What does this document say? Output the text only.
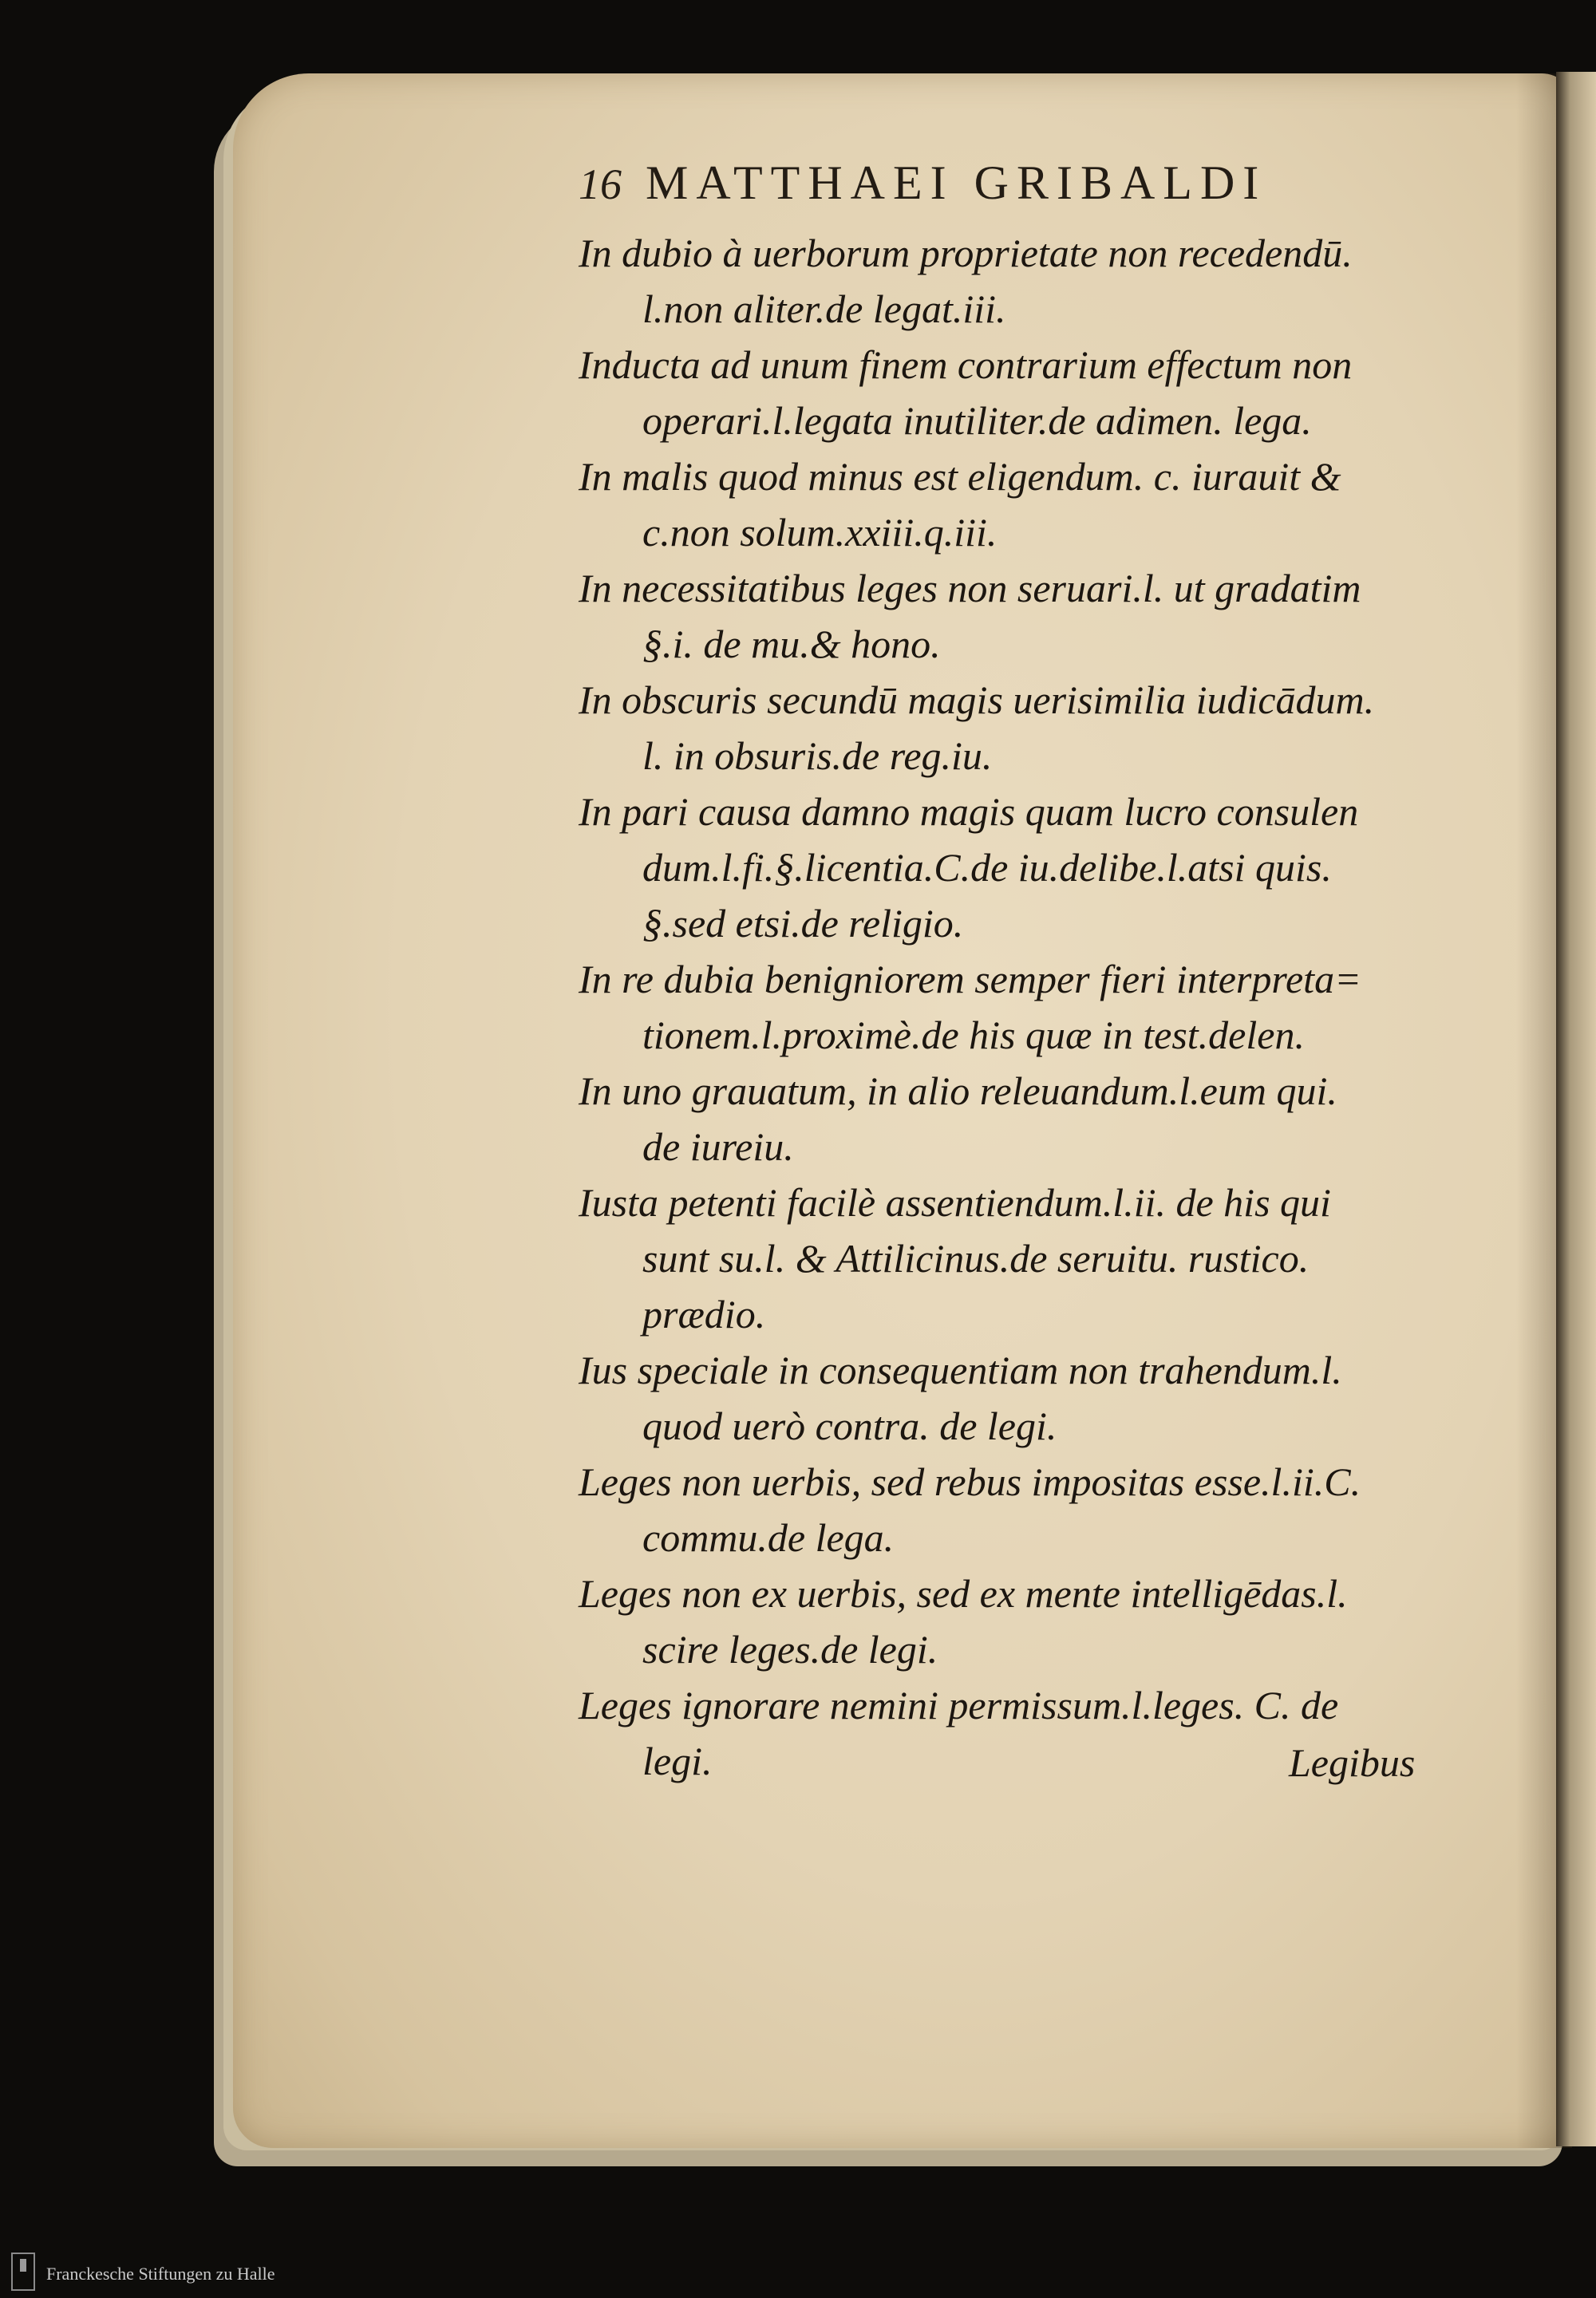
16 MATTHAEI GRIBALDI

In dubio à uerborum proprietate non recedendū.
l.non aliter.de legat.iii.

Inducta ad unum finem contrarium effectum non
operari.l.legata inutiliter.de adimen. lega.

In malis quod minus est eligendum. c. iurauit &
c.non solum.xxiii.q.iii.

In necessitatibus leges non seruari.l. ut gradatim
§.i. de mu.& hono.

In obscuris secundū magis uerisimilia iudicādum.
l. in obsuris.de reg.iu.

In pari causa damno magis quam lucro consulen
dum.l.fi.§.licentia.C.de iu.delibe.l.atsi quis.
§.sed etsi.de religio.

In re dubia benigniorem semper fieri interpreta=
tionem.l.proximè.de his quæ in test.delen.

In uno grauatum, in alio releuandum.l.eum qui.
de iureiu.

Iusta petenti facilè assentiendum.l.ii. de his qui
sunt su.l. & Attilicinus.de seruitu. rustico.
prædio.

Ius speciale in consequentiam non trahendum.l.
quod uerò contra. de legi.

Leges non uerbis, sed rebus impositas esse.l.ii.C.
commu.de lega.

Leges non ex uerbis, sed ex mente intelligēdas.l.
scire leges.de legi.

Leges ignorare nemini permissum.l.leges. C. de
legi.	Legibus
Franckesche Stiftungen zu Halle
